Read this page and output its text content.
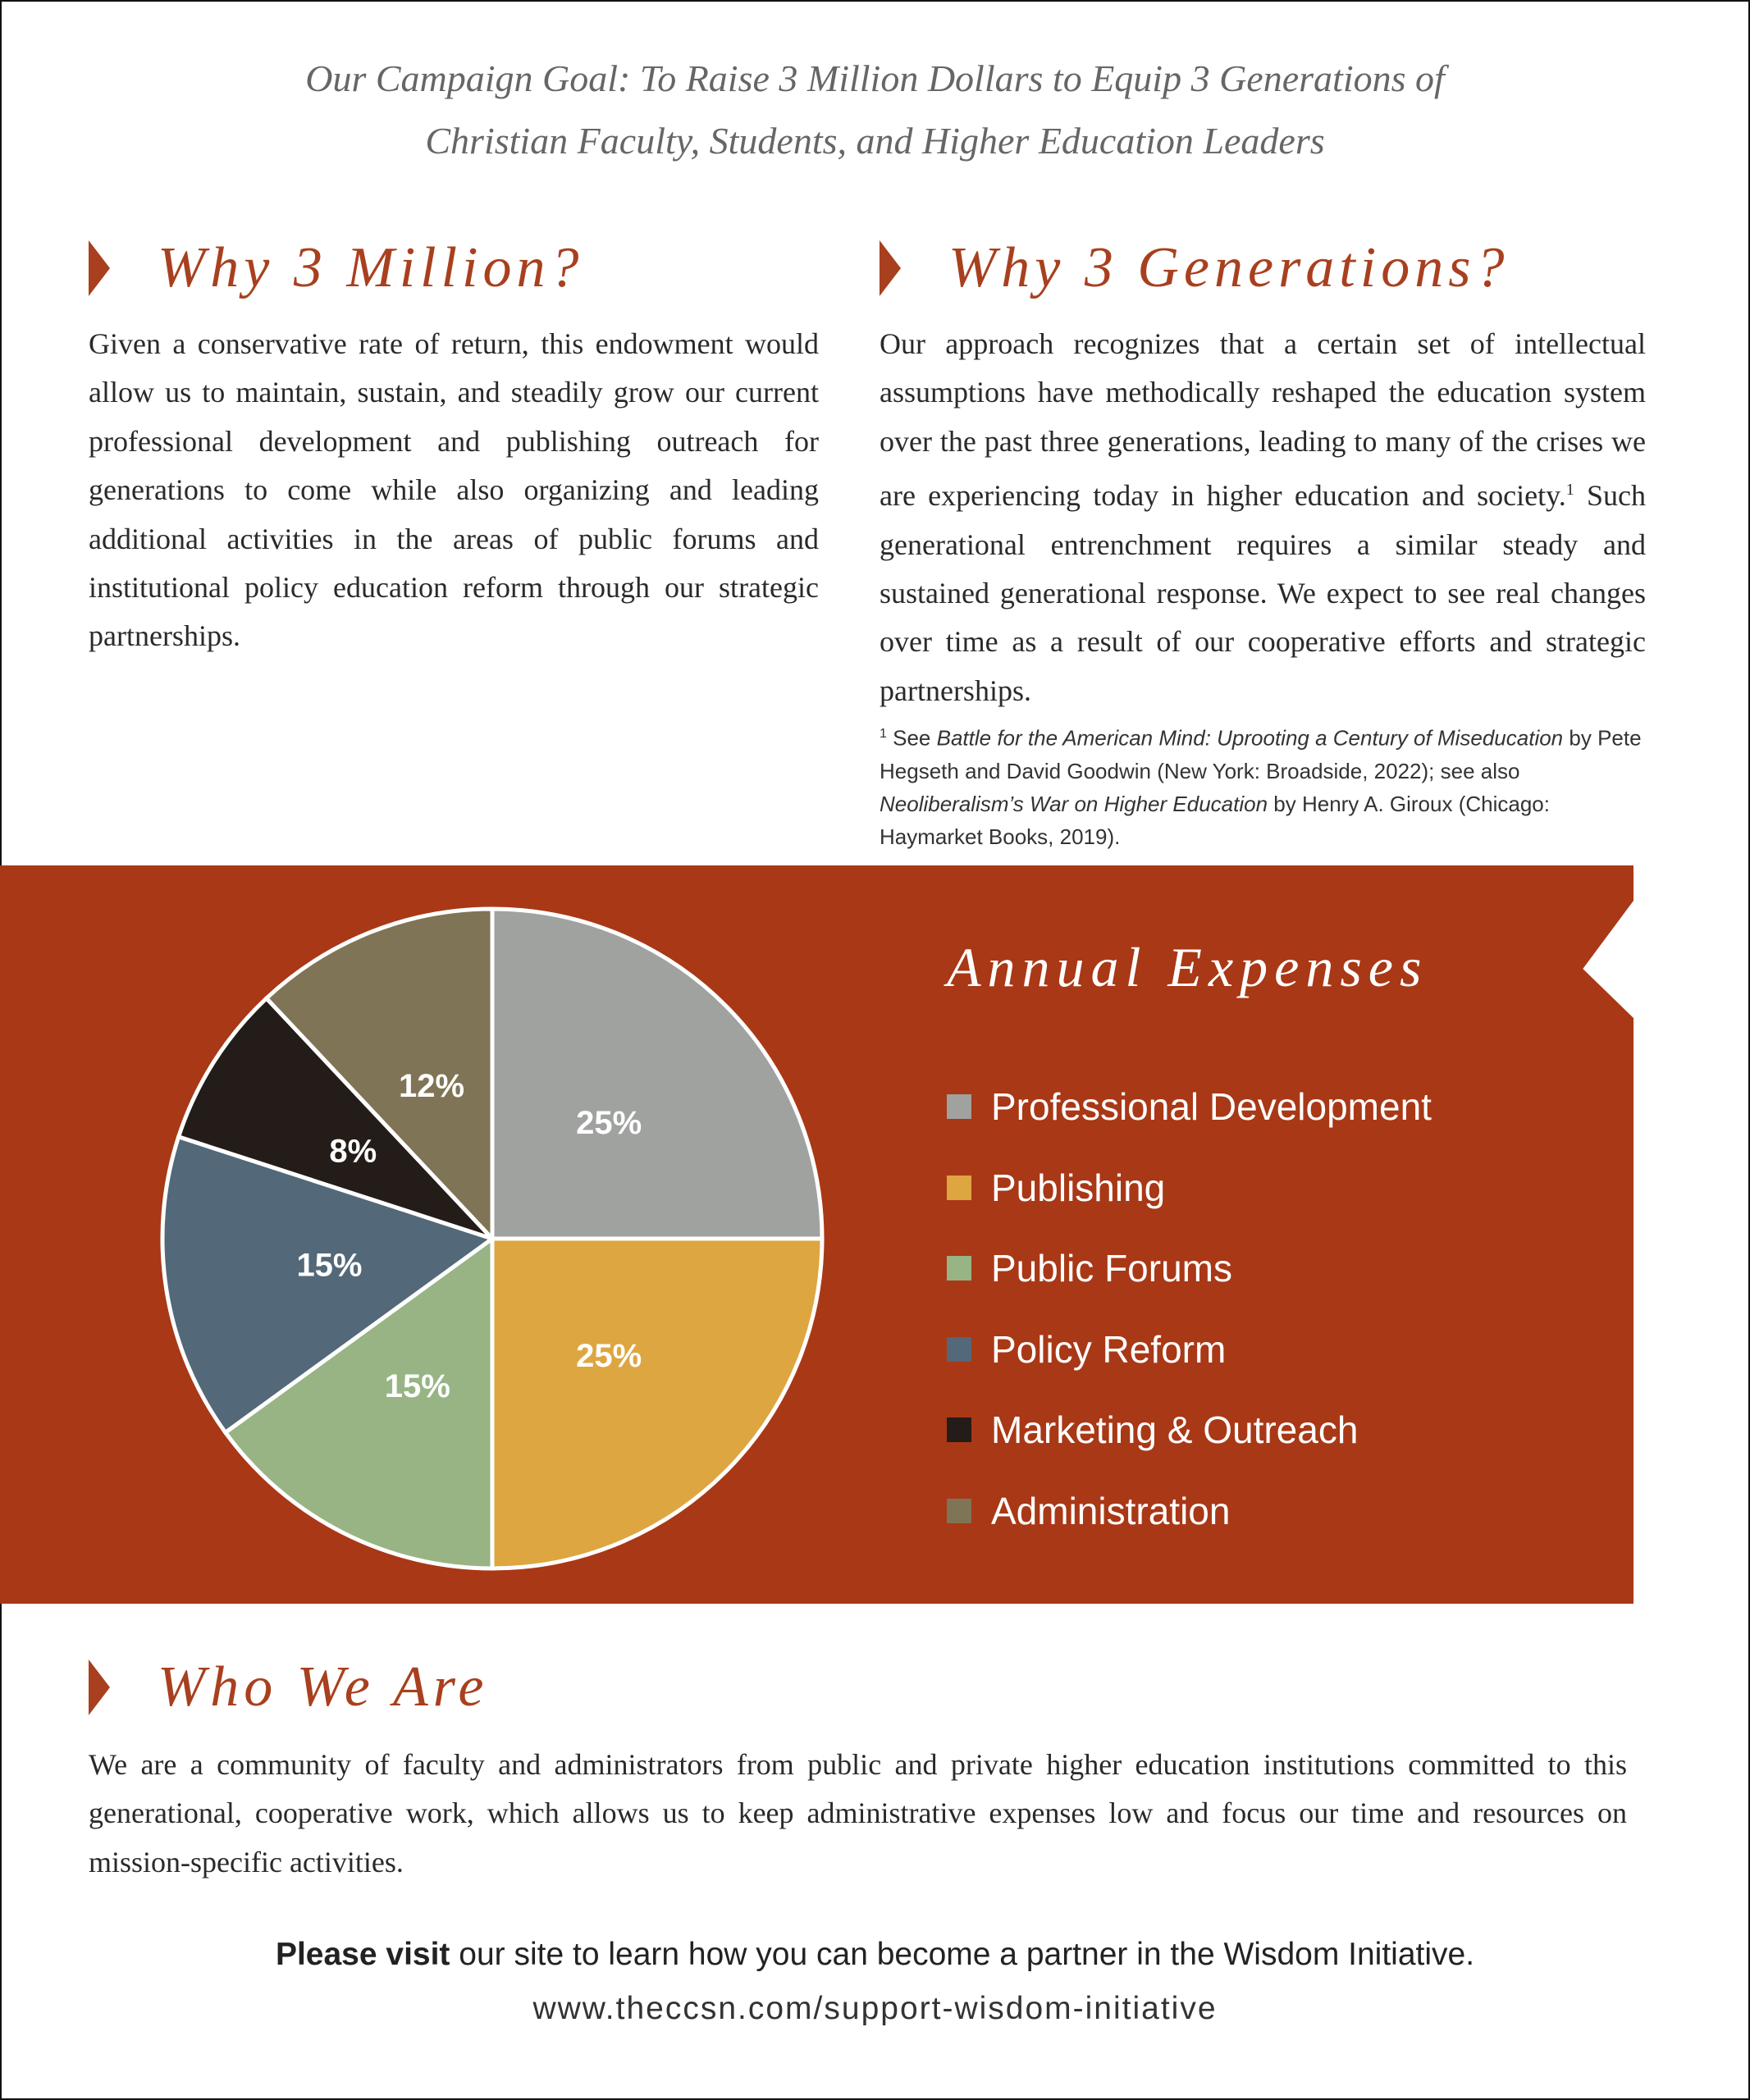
Our Campaign Goal: To Raise 3 Million Dollars to Equip 3 Generations of
Christian Faculty, Students, and Higher Education Leaders
Why 3 Million?

Given a conservative rate of return, this endowment would allow us to maintain, sustain, and steadily grow our current professional development and publishing outreach for generations to come while also organizing and leading additional activities in the areas of public forums and institutional policy education reform through our strategic partnerships.

Why 3 Generations?

Our approach recognizes that a certain set of intellectual assumptions have methodically reshaped the education system over the past three generations, leading to many of the crises we are experiencing today in higher education and society.$^1$ Such generational entrenchment requires a similar steady and sustained generational response. We expect to see real changes over time as a result of our cooperative efforts and strategic partnerships.

$^1$ See Battle for the American Mind: Uprooting a Century of Miseducation by Pete Hegseth and David Goodwin (New York: Broadside, 2022); see also Neoliberalism’s War on Higher Education by Henry A. Giroux (Chicago: Haymarket Books, 2019).
25%
25%
15%
15%
8%
12%
Annual Expenses
Professional Development
Publishing
Public Forums
Policy Reform
Marketing & Outreach
Administration
Who We Are

We are a community of faculty and administrators from public and private higher education institutions committed to this generational, cooperative work, which allows us to keep administrative expenses low and focus our time and resources on mission-specific activities.

Please visit our site to learn how you can become a partner in the Wisdom Initiative.
www.theccsn.com/support-wisdom-initiative
